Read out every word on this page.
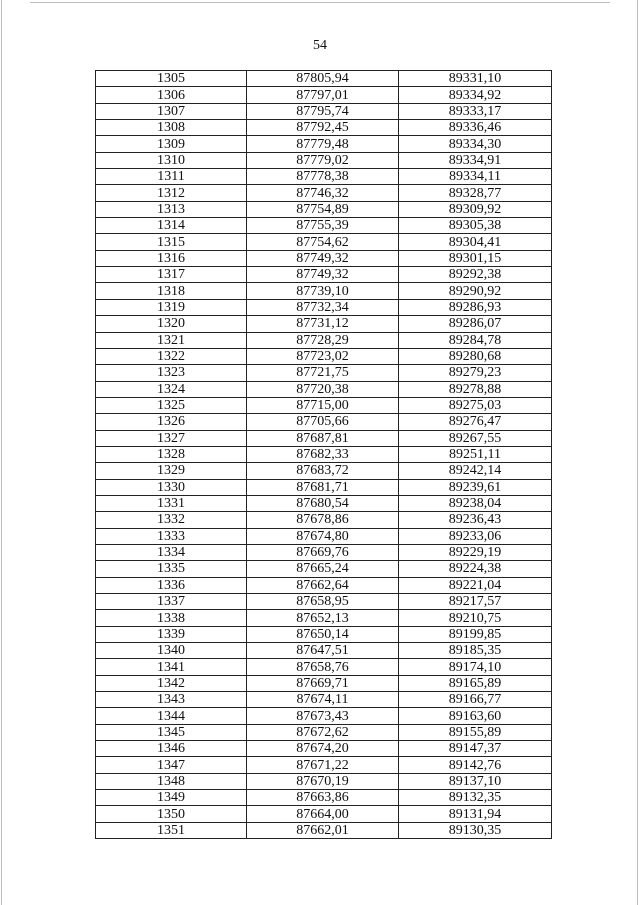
54
1305	87805,94	89331,10
1306	87797,01	89334,92
1307	87795,74	89333,17
1308	87792,45	89336,46
1309	87779,48	89334,30
1310	87779,02	89334,91
1311	87778,38	89334,11
1312	87746,32	89328,77
1313	87754,89	89309,92
1314	87755,39	89305,38
1315	87754,62	89304,41
1316	87749,32	89301,15
1317	87749,32	89292,38
1318	87739,10	89290,92
1319	87732,34	89286,93
1320	87731,12	89286,07
1321	87728,29	89284,78
1322	87723,02	89280,68
1323	87721,75	89279,23
1324	87720,38	89278,88
1325	87715,00	89275,03
1326	87705,66	89276,47
1327	87687,81	89267,55
1328	87682,33	89251,11
1329	87683,72	89242,14
1330	87681,71	89239,61
1331	87680,54	89238,04
1332	87678,86	89236,43
1333	87674,80	89233,06
1334	87669,76	89229,19
1335	87665,24	89224,38
1336	87662,64	89221,04
1337	87658,95	89217,57
1338	87652,13	89210,75
1339	87650,14	89199,85
1340	87647,51	89185,35
1341	87658,76	89174,10
1342	87669,71	89165,89
1343	87674,11	89166,77
1344	87673,43	89163,60
1345	87672,62	89155,89
1346	87674,20	89147,37
1347	87671,22	89142,76
1348	87670,19	89137,10
1349	87663,86	89132,35
1350	87664,00	89131,94
1351	87662,01	89130,35
